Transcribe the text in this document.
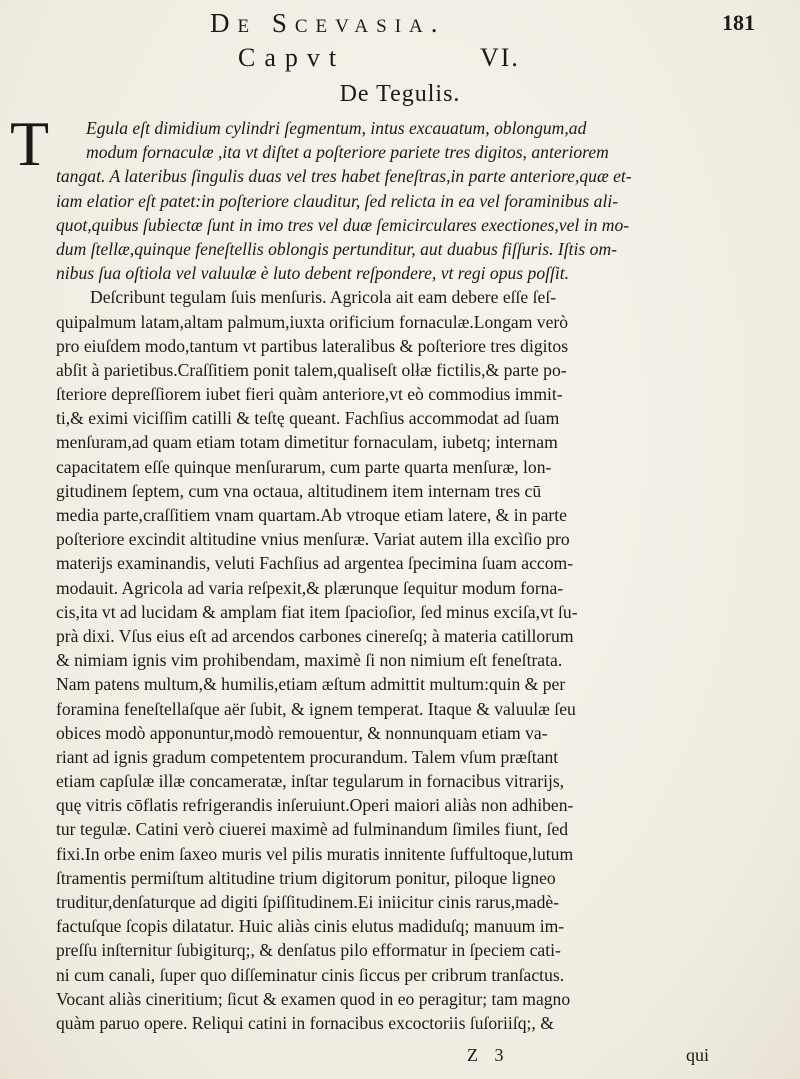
De Scevasia.	181
Capvt	VI.
De Tegulis.
T	Egula eſt dimidium cylindri ſegmentum, intus excauatum, oblongum,ad
modum fornaculæ ,ita vt diſtet a poſteriore pariete tres digitos, anteriorem
tangat. A lateribus ſingulis duas vel tres habet feneſtras,in parte anteriore,quæ et-
iam elatior eſt patet:in poſteriore clauditur, ſed relicta in ea vel foraminibus ali-
quot,quibus ſubiectæ ſunt in imo tres vel duæ ſemicirculares exectiones,vel in mo-
dum ſtellæ,quinque feneſtellis oblongis pertunditur, aut duabus fiſſuris. Iſtis om-
nibus ſua oſtiola vel valuulæ è luto debent reſpondere, vt regi opus poſſit.
Deſcribunt tegulam ſuis menſuris. Agricola ait eam debere eſſe ſeſ-
quipalmum latam,altam palmum,iuxta orificium fornaculæ.Longam verò
pro eiuſdem modo,tantum vt partibus lateralibus & poſteriore tres digitos
abſit à parietibus.Craſſitiem ponit talem,qualiseſt olłæ fictilis,& parte po-
ſteriore depreſſiorem iubet fieri quàm anteriore,vt eò commodius immit-
ti,& eximi viciſſim catilli & teſtę queant. Fachſius accommodat ad ſuam
menſuram,ad quam etiam totam dimetitur fornaculam, iubetq; internam
capacitatem eſſe quinque menſurarum, cum parte quarta menſuræ, lon-
gitudinem ſeptem, cum vna octaua, altitudinem item internam tres cū
media parte,craſſitiem vnam quartam.Ab vtroque etiam latere, & in parte
poſteriore excindit altitudine vnius menſuræ. Variat autem illa excìſio pro
materijs examinandis, veluti Fachſius ad argentea ſpecimina ſuam accom-
modauit. Agricola ad varia reſpexit,& plærunque ſequitur modum forna-
cis,ita vt ad lucidam & amplam fiat item ſpacioſior, ſed minus exciſa,vt ſu-
prà dixi. Vſus eius eſt ad arcendos carbones cinereſq; à materia catillorum
& nimiam ignis vim prohibendam, maximè ſi non nimium eſt feneſtrata.
Nam patens multum,& humilis,etiam æſtum admittit multum:quin & per
foramina feneſtellaſque aër ſubit, & ignem temperat. Itaque & valuulæ ſeu
obices modò apponuntur,modò remouentur, & nonnunquam etiam va-
riant ad ignis gradum competentem procurandum. Talem vſum præſtant
etiam capſulæ illæ concameratæ, inſtar tegularum in fornacibus vitrarijs,
quę vitris cōflatis refrigerandis inſeruiunt.Operi maiori aliàs non adhiben-
tur tegulæ. Catini verò ciuerei maximè ad fulminandum ſimiles fiunt, ſed
fixi.In orbe enim ſaxeo muris vel pilis muratis innitente ſuffultoque,lutum
ſtramentis permiſtum altitudine trium digitorum ponitur, piloque ligneo
truditur,denſaturque ad digiti ſpiſſitudinem.Ei iniicitur cinis rarus,madè-
factuſque ſcopis dilatatur. Huic aliàs cinis elutus madiduſq; manuum im-
preſſu inſternitur ſubigiturq;, & denſatus pilo efformatur in ſpeciem cati-
ni cum canali, ſuper quo diſſeminatur cinis ſiccus per cribrum tranſactus.
Vocant aliàs cineritium; ſicut & examen quod in eo peragitur; tam magno
quàm paruo opere. Reliqui catini in fornacibus excoctoriis ſuſoriiſq;, &
Z 3	qui
